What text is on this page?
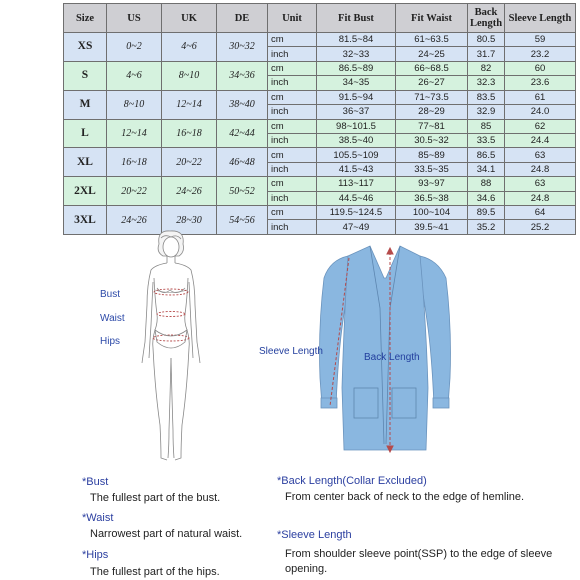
Size	US	UK	DE	Unit	Fit Bust	Fit Waist	Back Length	Sleeve Length
XS	0~2	4~6	30~32	cm	81.5~84	61~63.5	80.5	59
				inch	32~33	24~25	31.7	23.2
S	4~6	8~10	34~36	cm	86.5~89	66~68.5	82	60
				inch	34~35	26~27	32.3	23.6
M	8~10	12~14	38~40	cm	91.5~94	71~73.5	83.5	61
				inch	36~37	28~29	32.9	24.0
L	12~14	16~18	42~44	cm	98~101.5	77~81	85	62
				inch	38.5~40	30.5~32	33.5	24.4
XL	16~18	20~22	46~48	cm	105.5~109	85~89	86.5	63
				inch	41.5~43	33.5~35	34.1	24.8
2XL	20~22	24~26	50~52	cm	113~117	93~97	88	63
				inch	44.5~46	36.5~38	34.6	24.8
3XL	24~26	28~30	54~56	cm	119.5~124.5	100~104	89.5	64
				inch	47~49	39.5~41	35.2	25.2
Bust
Waist
Hips
Sleeve Length
Back Length
*Bust
The fullest part of the bust.
*Waist
Narrowest part of natural waist.
*Hips
The fullest part of the hips.
*Back Length(Collar Excluded)
From center back of neck to the edge of hemline.
*Sleeve Length
From shoulder sleeve point(SSP) to the edge of sleeve opening.
